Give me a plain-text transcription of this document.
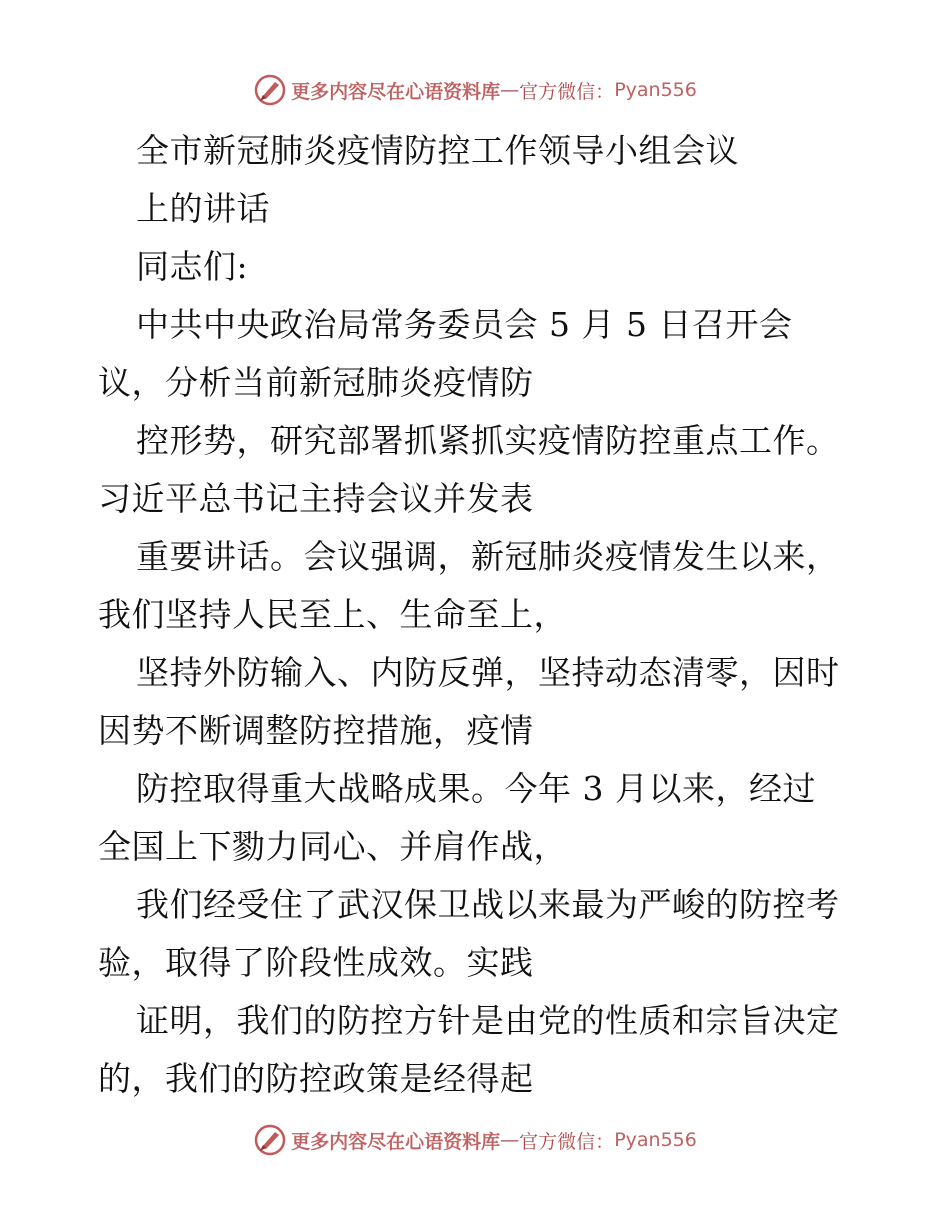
更多内容尽在心语资料库 — 官方微信： Pyan556
全市新冠肺炎疫情防控工作领导小组会议
上的讲话
同志们:
中共中央政治局常务委员会 5 月 5 日召开会
议，分析当前新冠肺炎疫情防
控形势，研究部署抓紧抓实疫情防控重点工作。
习近平总书记主持会议并发表
重要讲话。会议强调，新冠肺炎疫情发生以来，
我们坚持人民至上、生命至上，
坚持外防输入、内防反弹，坚持动态清零，因时
因势不断调整防控措施，疫情
防控取得重大战略成果。今年 3 月以来，经过
全国上下勠力同心、并肩作战，
我们经受住了武汉保卫战以来最为严峻的防控考
验，取得了阶段性成效。实践
证明，我们的防控方针是由党的性质和宗旨决定
的，我们的防控政策是经得起
更多内容尽在心语资料库 — 官方微信： Pyan556
